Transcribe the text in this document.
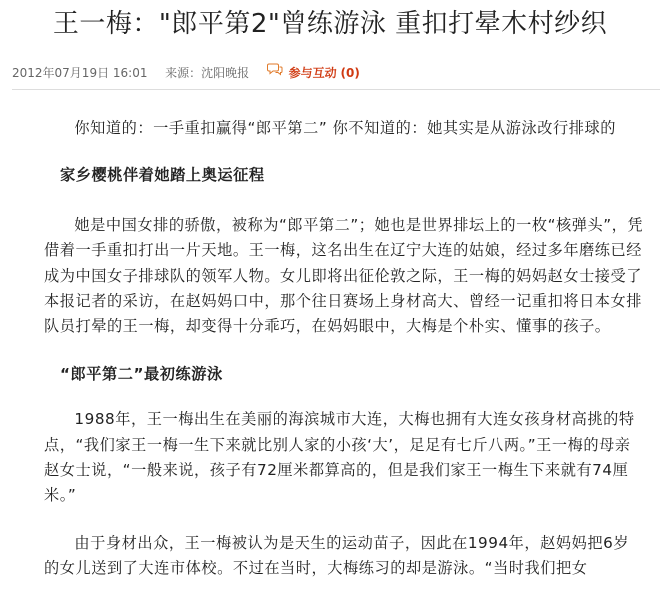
王一梅："郎平第2"曾练游泳 重扣打晕木村纱织
2012年07月19日 16:01 来源：沈阳晚报	参与互动 (0)

你知道的：一手重扣赢得“郎平第二” 你不知道的：她其实是从游泳改行排球的

家乡樱桃伴着她踏上奥运征程

她是中国女排的骄傲，被称为“郎平第二”；她也是世界排坛上的一枚“核弹头”，凭借着一手重扣打出一片天地。王一梅，这名出生在辽宁大连的姑娘，经过多年磨练已经成为中国女子排球队的领军人物。女儿即将出征伦敦之际，王一梅的妈妈赵女士接受了本报记者的采访，在赵妈妈口中，那个往日赛场上身材高大、曾经一记重扣将日本女排队员打晕的王一梅，却变得十分乖巧，在妈妈眼中，大梅是个朴实、懂事的孩子。

“郎平第二”最初练游泳

1988年，王一梅出生在美丽的海滨城市大连，大梅也拥有大连女孩身材高挑的特点，“我们家王一梅一生下来就比别人家的小孩‘大’，足足有七斤八两。”王一梅的母亲赵女士说，“一般来说，孩子有72厘米都算高的，但是我们家王一梅生下来就有74厘米。”

由于身材出众，王一梅被认为是天生的运动苗子，因此在1994年，赵妈妈把6岁的女儿送到了大连市体校。不过在当时，大梅练习的却是游泳。“当时我们把女
